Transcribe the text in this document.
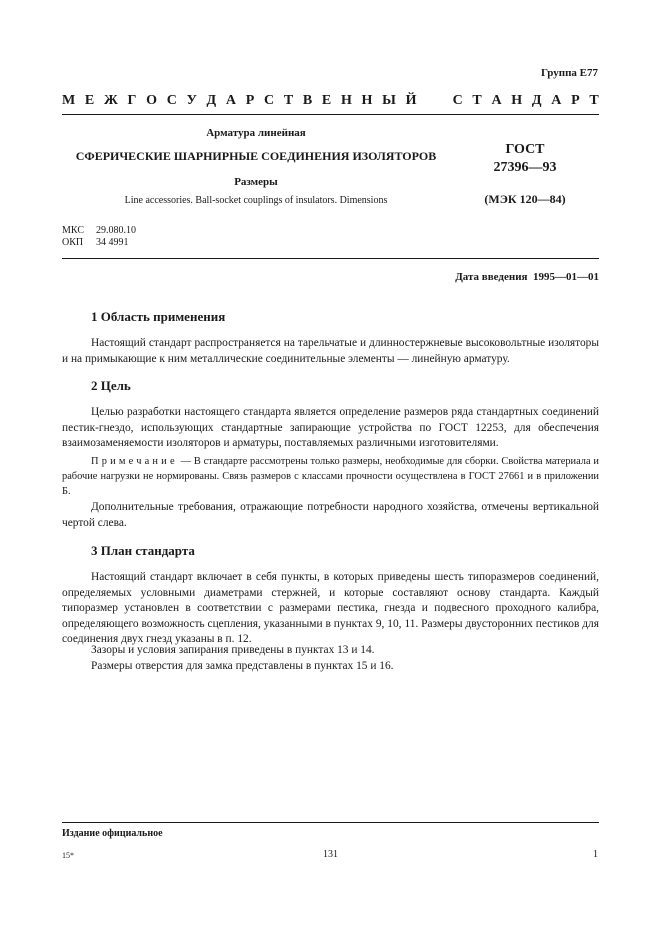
Группа Е77
М Е Ж Г О С У Д А Р С Т В Е Н Н Ы Й

	С Т А Н Д А Р Т
Арматура линейная
СФЕРИЧЕСКИЕ ШАРНИРНЫЕ СОЕДИНЕНИЯ ИЗОЛЯТОРОВ
Размеры
Line accessories. Ball-socket couplings of insulators. Dimensions
ГОСТ
27396—93
(МЭК 120—84)
МКС 29.080.10
ОКП 34 4991
Дата введения  1995—01—01
1 Область применения
Настоящий стандарт распространяется на тарельчатые и длинностержневые высоковольтные изоляторы и на примыкающие к ним металлические соединительные элементы — линейную арматуру.
2 Цель
Целью разработки настоящего стандарта является определение размеров ряда стандартных соединений пестик-гнездо, использующих стандартные запирающие устройства по ГОСТ 12253, для обеспечения взаимозаменяемости изоляторов и арматуры, поставляемых различными изготовителями.
Примечание — В стандарте рассмотрены только размеры, необходимые для сборки. Свойства материала и рабочие нагрузки не нормированы. Связь размеров с классами прочности осуществлена в ГОСТ 27661 и в приложении Б.
Дополнительные требования, отражающие потребности народного хозяйства, отмечены вертикальной чертой слева.
3 План стандарта
Настоящий стандарт включает в себя пункты, в которых приведены шесть типоразмеров соединений, определяемых условными диаметрами стержней, и которые составляют основу стандарта. Каждый типоразмер установлен в соответствии с размерами пестика, гнезда и подвесного проходного калибра, определяющего возможность сцепления, указанными в пунктах 9, 10, 11. Размеры двусторонних пестиков для соединения двух гнезд указаны в п. 12.
Зазоры и условия запирания приведены в пунктах 13 и 14.
Размеры отверстия для замка представлены в пунктах 15 и 16.
Издание официальное
15*	131	1
